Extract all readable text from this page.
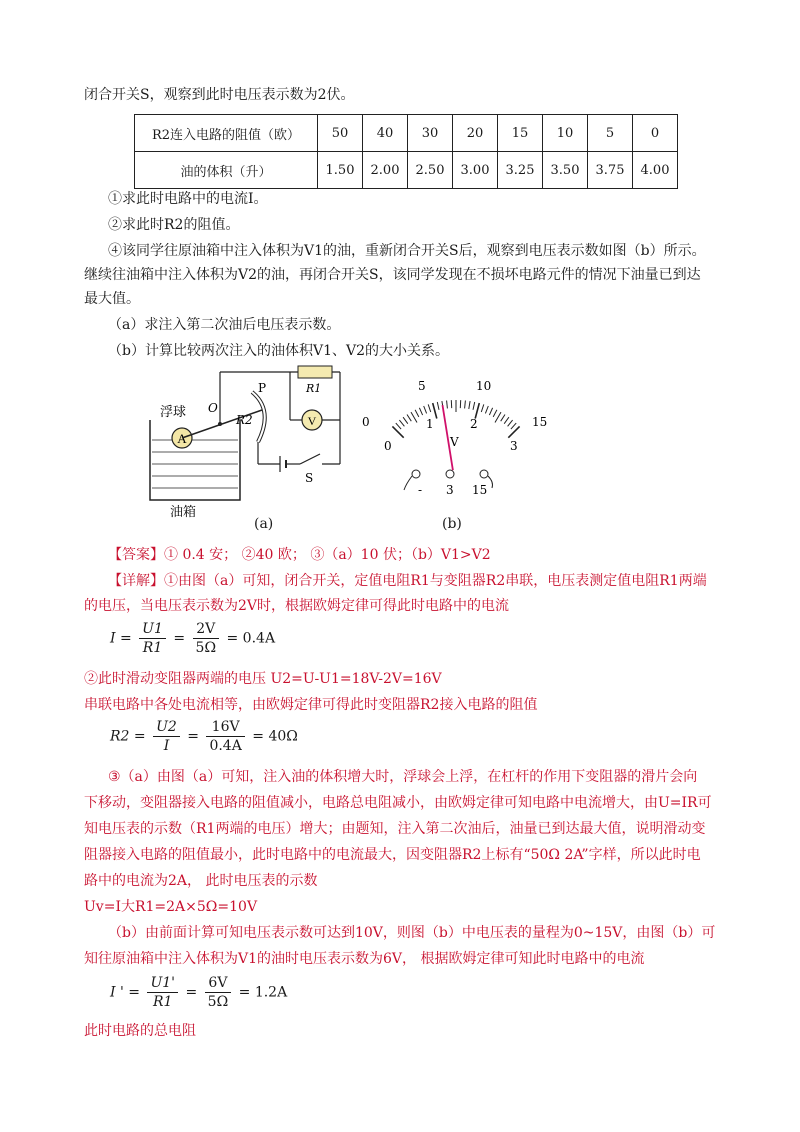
闭合开关S，观察到此时电压表示数为2伏。
R2连入电路的阻值（欧）	50	40	30	20	15	10	5	0
油的体积（升）	1.50	2.00	2.50	3.00	3.25	3.50	3.75	4.00
①求此时电路中的电流I。
②求此时R2的阻值。
④该同学往原油箱中注入体积为V1的油，重新闭合开关S后，观察到电压表示数如图（b）所示。
继续往油箱中注入体积为V2的油，再闭合开关S，该同学发现在不损坏电路元件的情况下油量已到达
最大值。
（a）求注入第二次油后电压表示数。
（b）计算比较两次注入的油体积V1、V2的大小关系。
A
V
浮球 O
P
R2
R1
S
油箱
(a)
0
5	10
15
0
1	2
3
V
- 3 15
(b)
【答案】① 0.4 安； ②40 欧； ③（a）10 伏；（b）V1>V2
【详解】①由图（a）可知，闭合开关，定值电阻R1与变阻器R2串联，电压表测定值电阻R1两端
的电压，当电压表示数为2V时，根据欧姆定律可得此时电路中的电流
$I = \frac{U1}{R1} = \frac{2V}{5\Omega} = 0.4A$
②此时滑动变阻器两端的电压 U2=U-U1=18V-2V=16V
串联电路中各处电流相等，由欧姆定律可得此时变阻器R2接入电路的阻值
$R2 = \frac{U2}{I} = \frac{16V}{0.4A} = 40\Omega$
③（a）由图（a）可知，注入油的体积增大时，浮球会上浮，在杠杆的作用下变阻器的滑片会向
下移动，变阻器接入电路的阻值减小，电路总电阻减小，由欧姆定律可知电路中电流增大，由U=IR可
知电压表的示数（R1两端的电压）增大；由题知，注入第二次油后，油量已到达最大值，说明滑动变
阻器接入电路的阻值最小，此时电路中的电流最大，因变阻器R2上标有“50Ω 2A”字样，所以此时电
路中的电流为2A， 此时电压表的示数
Uv=I大R1=2A×5Ω=10V
（b）由前面计算可知电压表示数可达到10V，则图（b）中电压表的量程为0~15V，由图（b）可
知往原油箱中注入体积为V1的油时电压表示数为6V， 根据欧姆定律可知此时电路中的电流
I ' = $\frac{U1'}{R1} = \frac{6V}{5\Omega} = 1.2A$
此时电路的总电阻
